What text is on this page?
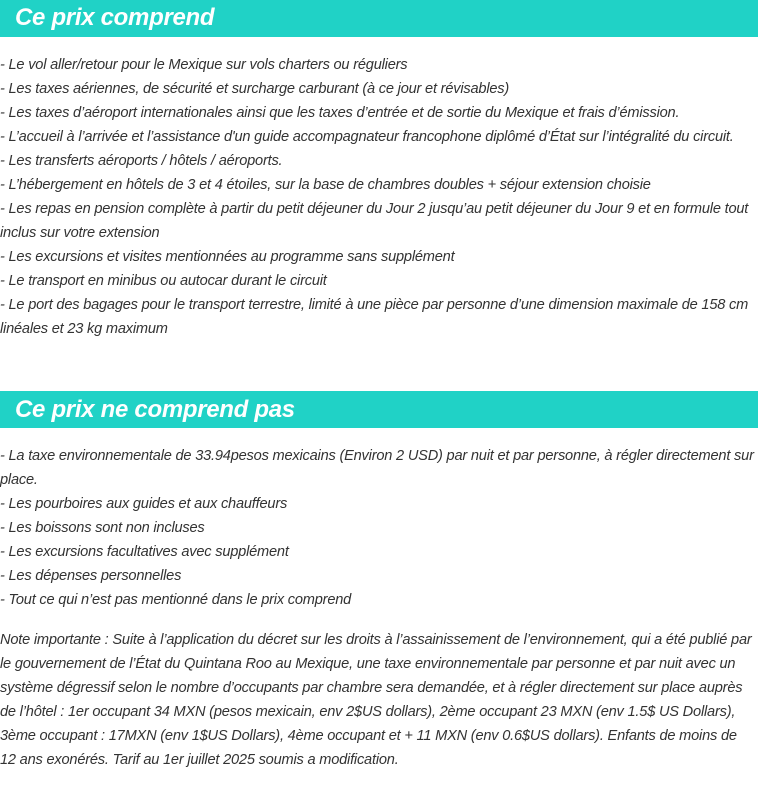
Ce prix comprend
- Le vol aller/retour pour le Mexique sur vols charters ou réguliers
- Les taxes aériennes, de sécurité et surcharge carburant (à ce jour et révisables)
- Les taxes d’aéroport internationales ainsi que les taxes d’entrée et de sortie du Mexique et frais d’émission.
- L’accueil à l’arrivée et l’assistance d'un guide accompagnateur francophone diplômé d’État sur l’intégralité du circuit.
- Les transferts aéroports / hôtels / aéroports.
- L’hébergement en hôtels de 3 et 4 étoiles, sur la base de chambres doubles + séjour extension choisie
- Les repas en pension complète à partir du petit déjeuner du Jour 2 jusqu’au petit déjeuner du Jour 9 et en formule tout inclus sur votre extension
- Les excursions et visites mentionnées au programme sans supplément
- Le transport en minibus ou autocar durant le circuit
- Le port des bagages pour le transport terrestre, limité à une pièce par personne d’une dimension maximale de 158 cm linéales et 23 kg maximum
Ce prix ne comprend pas
- La taxe environnementale de 33.94pesos mexicains (Environ 2 USD) par nuit et par personne, à régler directement sur place.
- Les pourboires aux guides et aux chauffeurs
- Les boissons sont non incluses
- Les excursions facultatives avec supplément
- Les dépenses personnelles
- Tout ce qui n’est pas mentionné dans le prix comprend

Note importante : Suite à l’application du décret sur les droits à l’assainissement de l’environnement, qui a été publié par le gouvernement de l’État du Quintana Roo au Mexique, une taxe environnementale par personne et par nuit avec un système dégressif selon le nombre d’occupants par chambre sera demandée, et à régler directement sur place auprès de l’hôtel : 1er occupant 34 MXN (pesos mexicain, env 2$US dollars), 2ème occupant 23 MXN (env 1.5$ US Dollars), 3ème occupant : 17MXN (env 1$US Dollars), 4ème occupant et + 11 MXN (env 0.6$US dollars). Enfants de moins de 12 ans exonérés. Tarif au 1er juillet 2025 soumis a modification.
